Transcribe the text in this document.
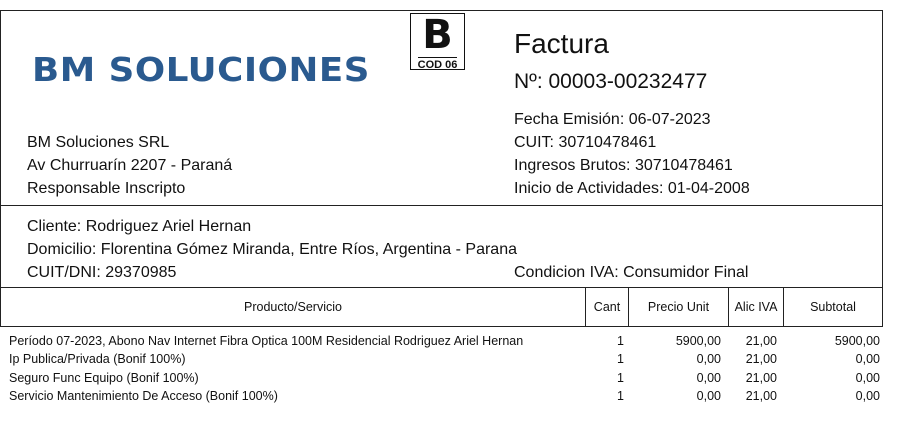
BM SOLUCIONES
B
COD 06
Factura
Nº: 00003-00232477
BM Soluciones SRL
Av Churruarín 2207 - Paraná
Responsable Inscripto
Fecha Emisión: 06-07-2023
CUIT: 30710478461
Ingresos Brutos: 30710478461
Inicio de Actividades: 01-04-2008
Cliente: Rodriguez Ariel Hernan
Domicilio: Florentina Gómez Miranda, Entre Ríos, Argentina - Parana
CUIT/DNI: 29370985	Condicion IVA: Consumidor Final
Producto/Servicio	Cant	Precio Unit	Alic IVA	Subtotal
Período 07-2023, Abono Nav Internet Fibra Optica 100M Residencial Rodriguez Ariel Hernan	1	5900,00 21,00	5900,00
Ip Publica/Privada (Bonif 100%)	1	0,00 21,00	0,00
Seguro Func Equipo (Bonif 100%)	1	0,00 21,00	0,00
Servicio Mantenimiento De Acceso (Bonif 100%)	1	0,00 21,00	0,00
